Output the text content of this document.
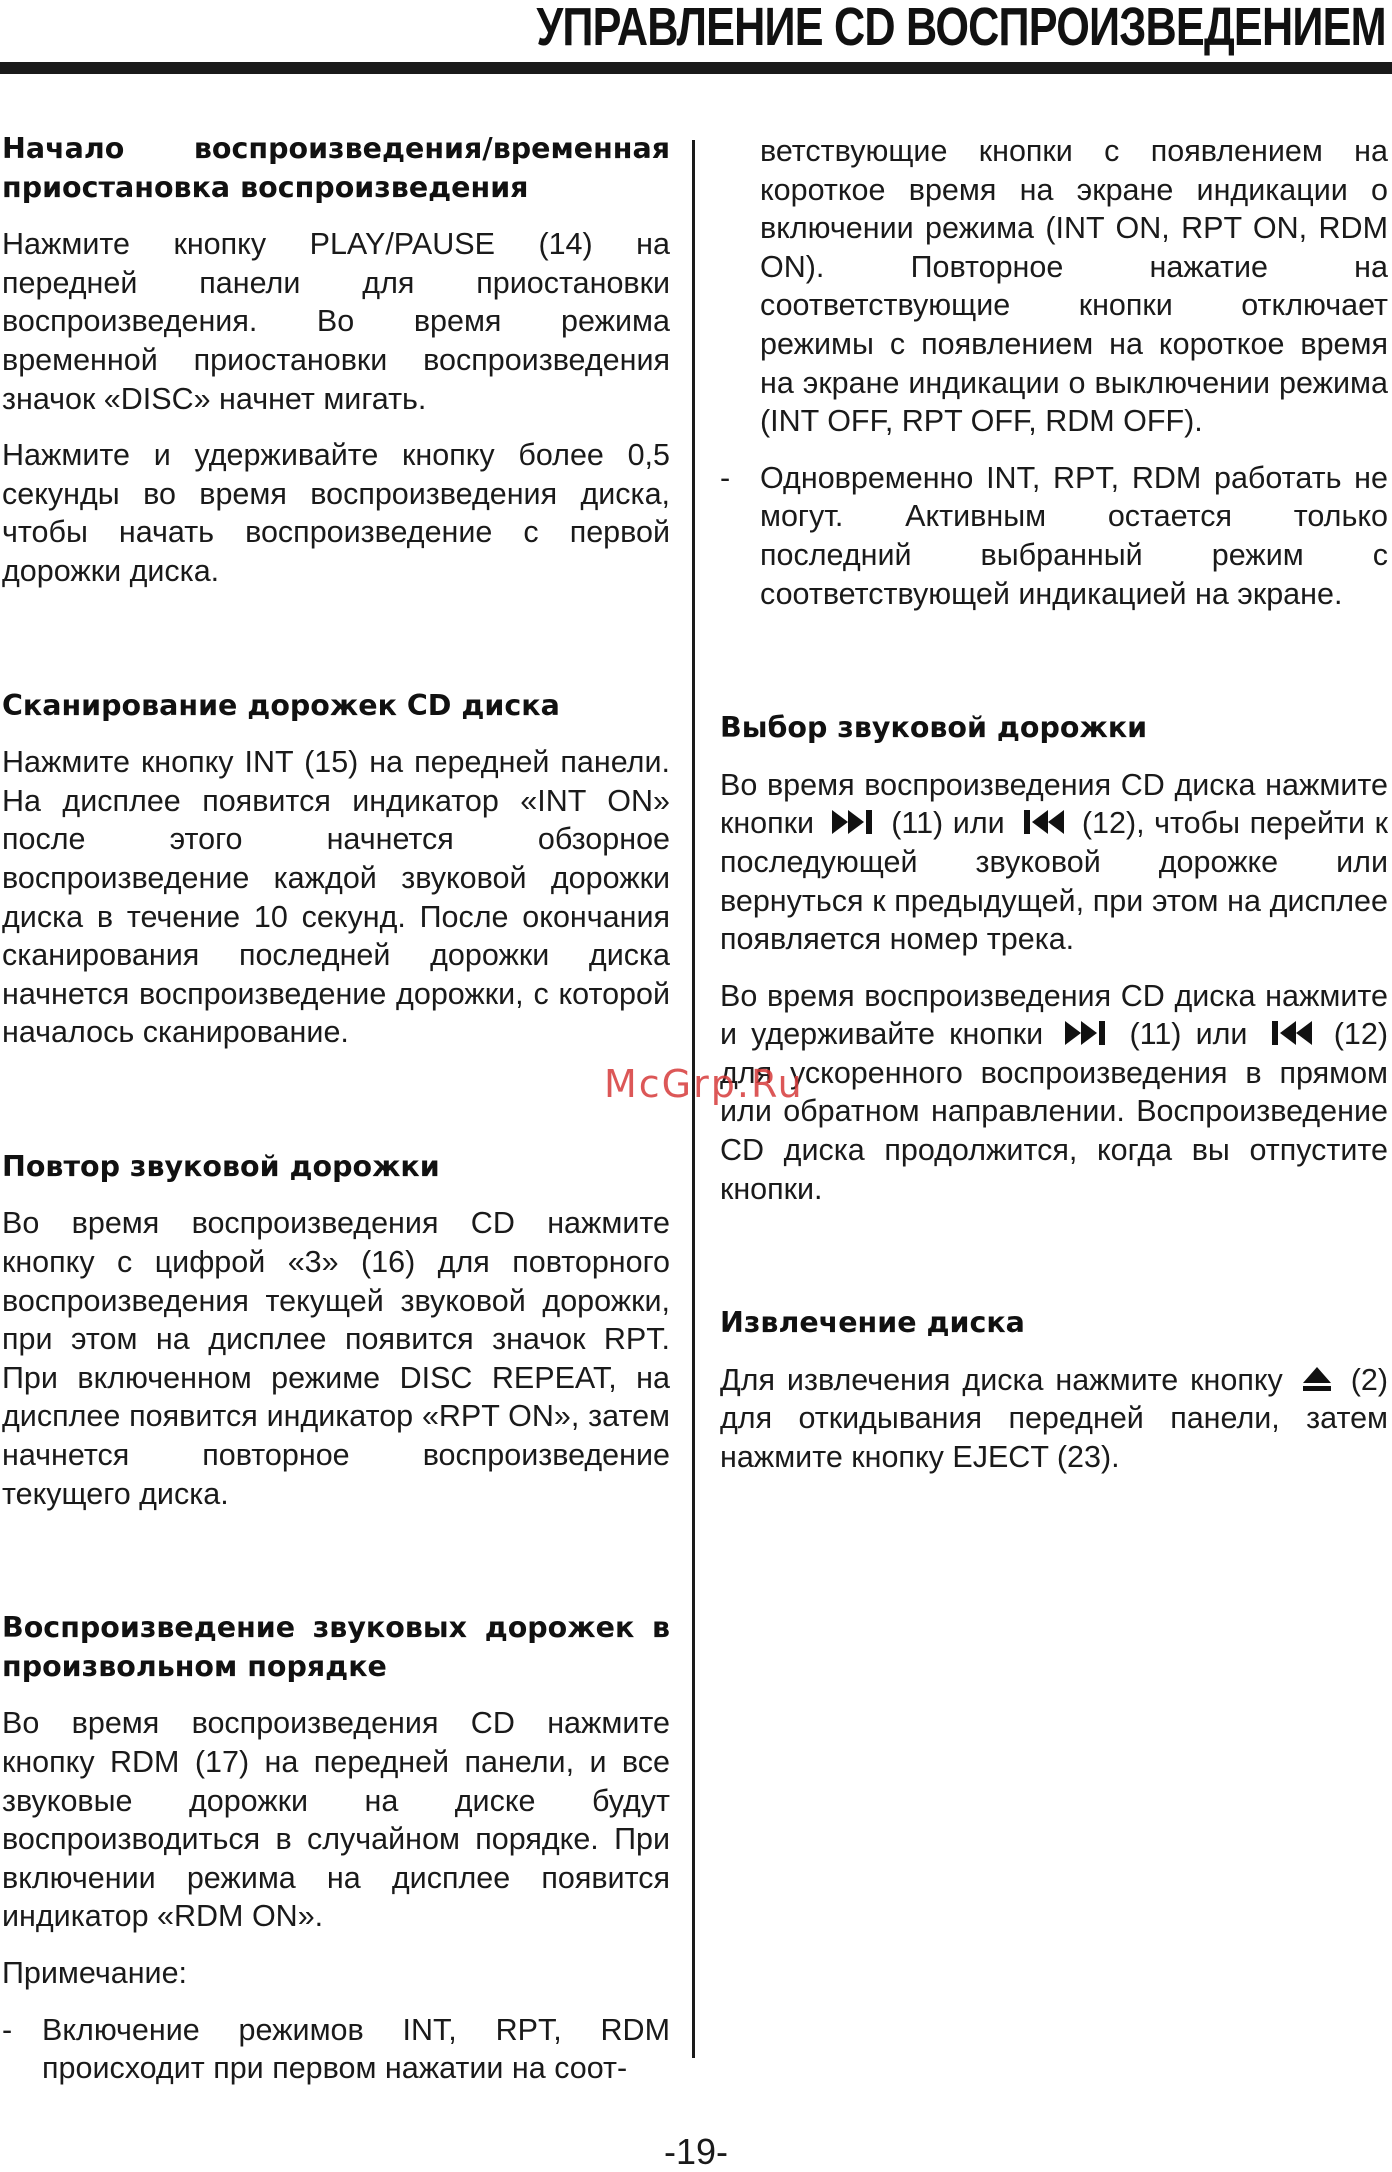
УПРАВЛЕНИЕ CD ВОСПРОИЗВЕДЕНИЕМ
Начало воспроизведения/временная приостановка воспроизведения

Нажмите кнопку PLAY/PAUSE (14) на передней панели для приостановки воспроизведения. Во время режима временной приостановки воспроизведения значок «DISC» начнет мигать.

Нажмите и удерживайте кнопку более 0,5 секунды во время воспроизведения диска, чтобы начать воспроизведение с первой дорожки диска.

Сканирование дорожек CD диска

Нажмите кнопку INT (15) на передней панели. На дисплее появится индикатор «INT ON» после этого начнется обзорное воспроизведение каждой звуковой дорожки диска в течение 10 секунд. После окончания сканирования последней дорожки диска начнется воспроизведение дорожки, с которой началось сканирование.

Повтор звуковой дорожки

Во время воспроизведения CD нажмите кнопку с цифрой «3» (16) для повторного воспроизведения текущей звуковой дорожки, при этом на дисплее появится значок RPT. При включенном режиме DISC REPEAT, на дисплее появится индикатор «RPT ON», затем начнется повторное воспроизведение текущего диска.

Воспроизведение звуковых дорожек в произвольном порядке

Во время воспроизведения CD нажмите кнопку RDM (17) на передней панели, и все звуковые дорожки на диске будут воспроизводиться в случайном порядке. При включении режима на дисплее появится индикатор «RDM ON».

Примечание:

- Включение режимов INT, RPT, RDM происходит при первом нажатии на соот-
ветствующие кнопки с появлением на короткое время на экране индикации о включении режима (INT ON, RPT ON, RDM ON). Повторное нажатие на соответствующие кнопки отключает режимы с появлением на короткое время на экране индикации о выключении режима (INT OFF, RPT OFF, RDM OFF).
- Одновременно INT, RPT, RDM работать не могут. Активным остается только последний выбранный режим с соответствующей индикацией на экране.
Выбор звуковой дорожки

Во время воспроизведения CD диска нажмите кнопки	(11) или	(12), чтобы перейти к последующей звуковой дорожке или вернуться к предыдущей, при этом на дисплее появляется номер трека.

Во время воспроизведения CD диска нажмите и удерживайте кнопки	(11) или	(12) для ускоренного воспроизведения в прямом или обратном направлении. Воспроизведение CD диска продолжится, когда вы отпустите кнопки.

Извлечение диска

Для извлечения диска нажмите кнопку (2) для откидывания передней панели, затем нажмите кнопку EJECT (23).

McGrp.Ru
-19-
